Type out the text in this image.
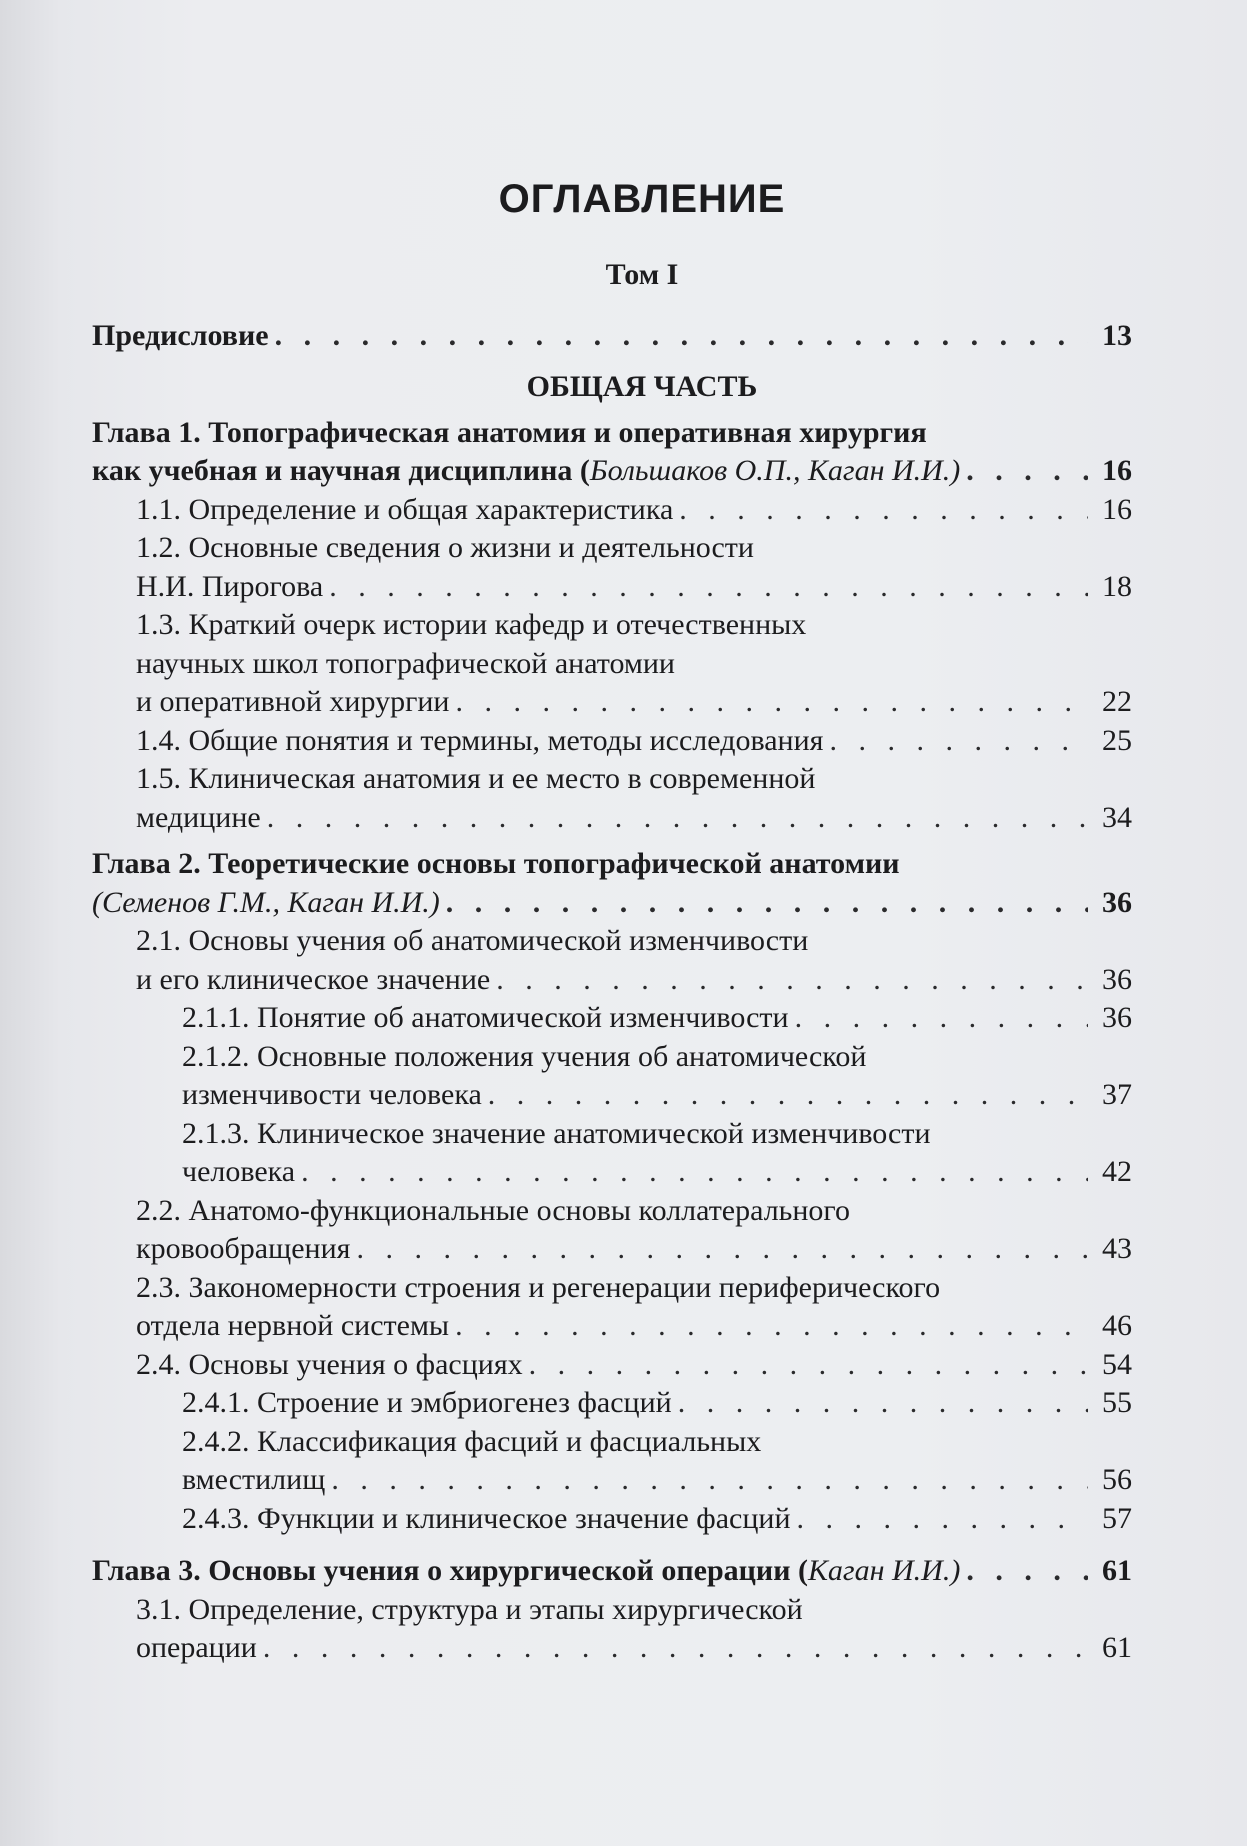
ОГЛАВЛЕНИЕ
Том I
Предисловие . . .	13
ОБЩАЯ ЧАСТЬ
Глава 1. Топографическая анатомия и оперативная хирургия
как учебная и научная дисциплина (Большаков О.П., Каган И.И.) . . .	16
1.1. Определение и общая характеристика . . .	16
1.2. Основные сведения о жизни и деятельности
Н.И. Пирогова . . .	18
1.3. Краткий очерк истории кафедр и отечественных
научных школ топографической анатомии
и оперативной хирургии . . .	22
1.4. Общие понятия и термины, методы исследования . . .	25
1.5. Клиническая анатомия и ее место в современной
медицине . . .	34
Глава 2. Теоретические основы топографической анатомии
(Семенов Г.М., Каган И.И.) . . .	36
2.1. Основы учения об анатомической изменчивости
и его клиническое значение . . .	36
2.1.1. Понятие об анатомической изменчивости . . .	36
2.1.2. Основные положения учения об анатомической
изменчивости человека . . .	37
2.1.3. Клиническое значение анатомической изменчивости
человека . . .	42
2.2. Анатомо-функциональные основы коллатерального
кровообращения . . .	43
2.3. Закономерности строения и регенерации периферического
отдела нервной системы . . .	46
2.4. Основы учения о фасциях . . .	54
2.4.1. Строение и эмбриогенез фасций . . .	55
2.4.2. Классификация фасций и фасциальных
вместилищ . . .	56
2.4.3. Функции и клиническое значение фасций . . .	57
Глава 3. Основы учения о хирургической операции (Каган И.И.) . . .	61
3.1. Определение, структура и этапы хирургической
операции . . .	61
